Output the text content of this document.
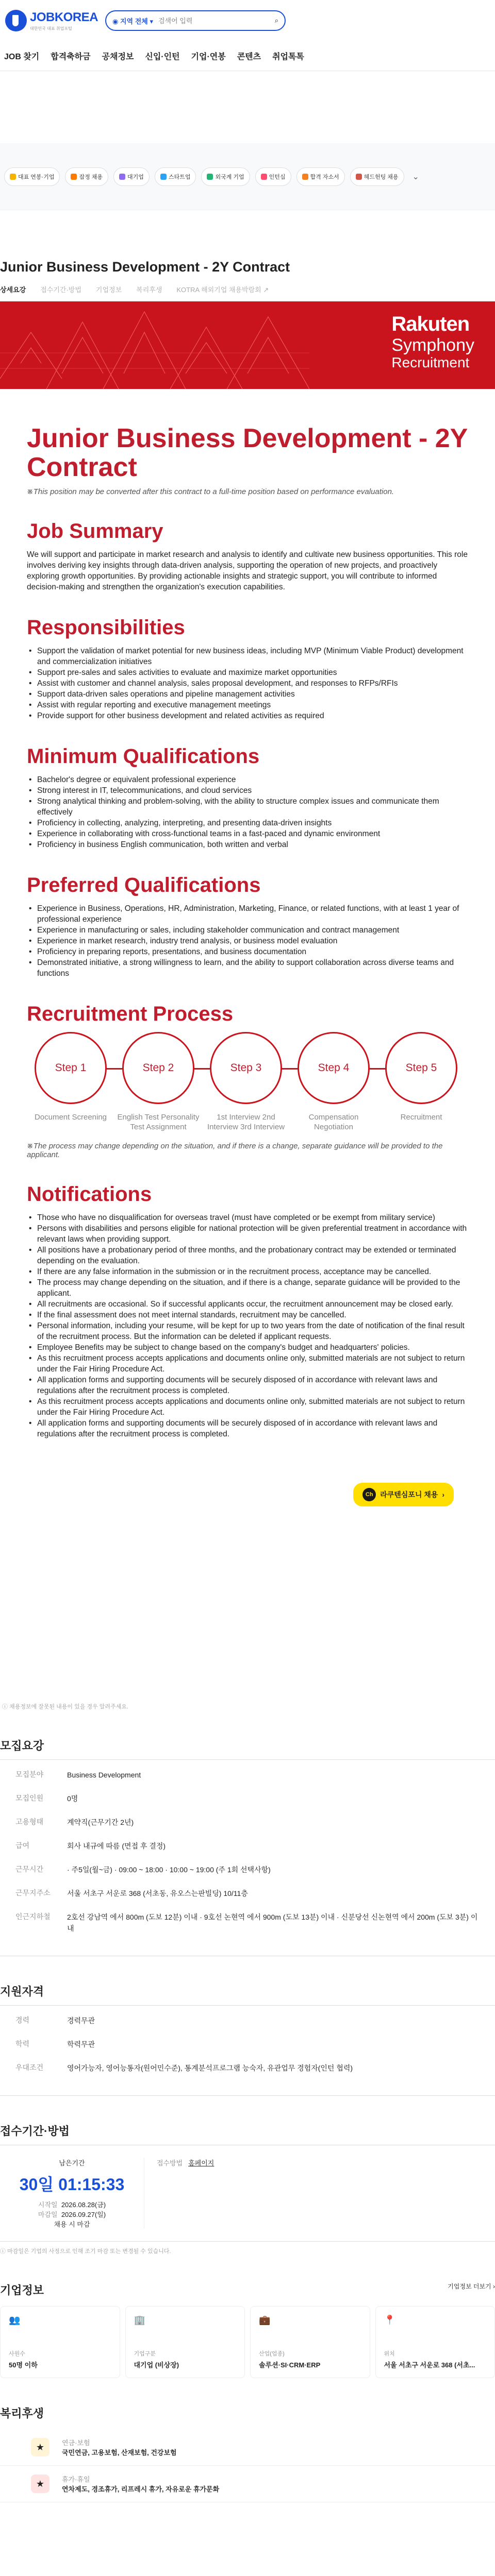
JOBKOREA
대한민국 대표 취업포털
◉ 지역 전체 ▾
검색어 입력	⌕
JOB 찾기 합격축하금 공채정보 신입·인턴 기업·연봉 콘텐츠 취업톡톡
대표 연봉·기업	잡정 채용	대기업	스타트업	외국계 기업	인턴십	합격 자소서	헤드헌팅 채용 ⌄
Junior Business Development - 2Y Contract
상세요강 접수기간·방법 기업정보 복리후생 KOTRA 해외기업 채용박람회 ↗
Rakuten
Symphony
Recruitment
Junior Business Development - 2Y Contract
※This position may be converted after this contract to a full-time position based on performance evaluation.
Job Summary

We will support and participate in market research and analysis to identify and cultivate new business opportunities. This role involves deriving key insights through data-driven analysis, supporting the operation of new projects, and proactively exploring growth opportunities. By providing actionable insights and strategic support, you will contribute to informed decision-making and strengthen the organization's execution capabilities.

Responsibilities
• Support the validation of market potential for new business ideas, including MVP (Minimum Viable Product) development and commercialization initiatives
• Support pre-sales and sales activities to evaluate and maximize market opportunities
• Assist with customer and channel analysis, sales proposal development, and responses to RFPs/RFIs
• Support data-driven sales operations and pipeline management activities
• Assist with regular reporting and executive management meetings
• Provide support for other business development and related activities as required
Minimum Qualifications
• Bachelor's degree or equivalent professional experience
• Strong interest in IT, telecommunications, and cloud services
• Strong analytical thinking and problem-solving, with the ability to structure complex issues and communicate them effectively
• Proficiency in collecting, analyzing, interpreting, and presenting data-driven insights
• Experience in collaborating with cross-functional teams in a fast-paced and dynamic environment
• Proficiency in business English communication, both written and verbal
Preferred Qualifications
• Experience in Business, Operations, HR, Administration, Marketing, Finance, or related functions, with at least 1 year of professional experience
• Experience in manufacturing or sales, including stakeholder communication and contract management
• Experience in market research, industry trend analysis, or business model evaluation
• Proficiency in preparing reports, presentations, and business documentation
• Demonstrated initiative, a strong willingness to learn, and the ability to support collaboration across diverse teams and functions
Recruitment Process
Step 1
Document Screening
Step 2
English Test Personality Test Assignment
Step 3
1st Interview 2nd Interview 3rd Interview
Step 4
Compensation Negotiation
Step 5
Recruitment
※The process may change depending on the situation, and if there is a change, separate guidance will be provided to the applicant.
Notifications
• Those who have no disqualification for overseas travel (must have completed or be exempt from military service)
• Persons with disabilities and persons eligible for national protection will be given preferential treatment in accordance with relevant laws when providing support.
• All positions have a probationary period of three months, and the probationary contract may be extended or terminated depending on the evaluation.
• If there are any false information in the submission or in the recruitment process, acceptance may be cancelled.
• The process may change depending on the situation, and if there is a change, separate guidance will be provided to the applicant.
• All recruitments are occasional. So if successful applicants occur, the recruitment announcement may be closed early.
• If the final assessment does not meet internal standards, recruitment may be cancelled.
• Personal information, including your resume, will be kept for up to two years from the date of notification of the final result of the recruitment process. But the information can be deleted if applicant requests.
• Employee Benefits may be subject to change based on the company's budget and headquarters' policies.
• As this recruitment process accepts applications and documents online only, submitted materials are not subject to return under the Fair Hiring Procedure Act.
• All application forms and supporting documents will be securely disposed of in accordance with relevant laws and regulations after the recruitment process is completed.
• As this recruitment process accepts applications and documents online only, submitted materials are not subject to return under the Fair Hiring Procedure Act.
• All application forms and supporting documents will be securely disposed of in accordance with relevant laws and regulations after the recruitment process is completed.
Ch 라쿠텐심포니 채용 ›
ⓘ 채용정보에 잘못된 내용이 있을 경우 알려주세요.
모집요강
모집분야	Business Development
모집인원	0명
고용형태	계약직(근무기간 2년)
급여	회사 내규에 따름 (면접 후 결정)
근무시간	· 주5일(월~금) · 09:00 ~ 18:00 · 10:00 ~ 19:00 (주 1회 선택사항)
근무지주소	서울 서초구 서운로 368 (서초동, 유오스는판빌딩) 10/11층
인근지하철	2호선 강남역 에서 800m (도보 12분) 이내 · 9호선 논현역 에서 900m (도보 13분) 이내 · 신분당선 신논현역 에서 200m (도보 3분) 이내
지원자격
경력	경력무관
학력	학력무관
우대조건	영어가능자, 영어능통자(원어민수준), 통계분석프로그램 능숙자, 유관업무 경험자(인턴 협력)
접수기간·방법
남은기간
30일 01:15:33
시작일 2026.08.28(금)
마감일 2026.09.27(일)
채용 시 마감
접수방법 홈페이지
ⓘ 마감일은 기업의 사정으로 인해 조기 마감 또는 변경될 수 있습니다.
기업정보	기업정보 더보기 ›
👥
사원수
50명 이하
🏢
기업구분
대기업 (비상장)
💼
산업(업종)
솔루션·SI·CRM·ERP
📍
위치
서울 서초구 서운로 368 (서초...
복리후생
★	연금·보험
국민연금, 고용보험, 산재보험, 건강보험
★	휴가·휴일
연차제도, 경조휴가, 리프레시 휴가, 자유로운 휴가문화
